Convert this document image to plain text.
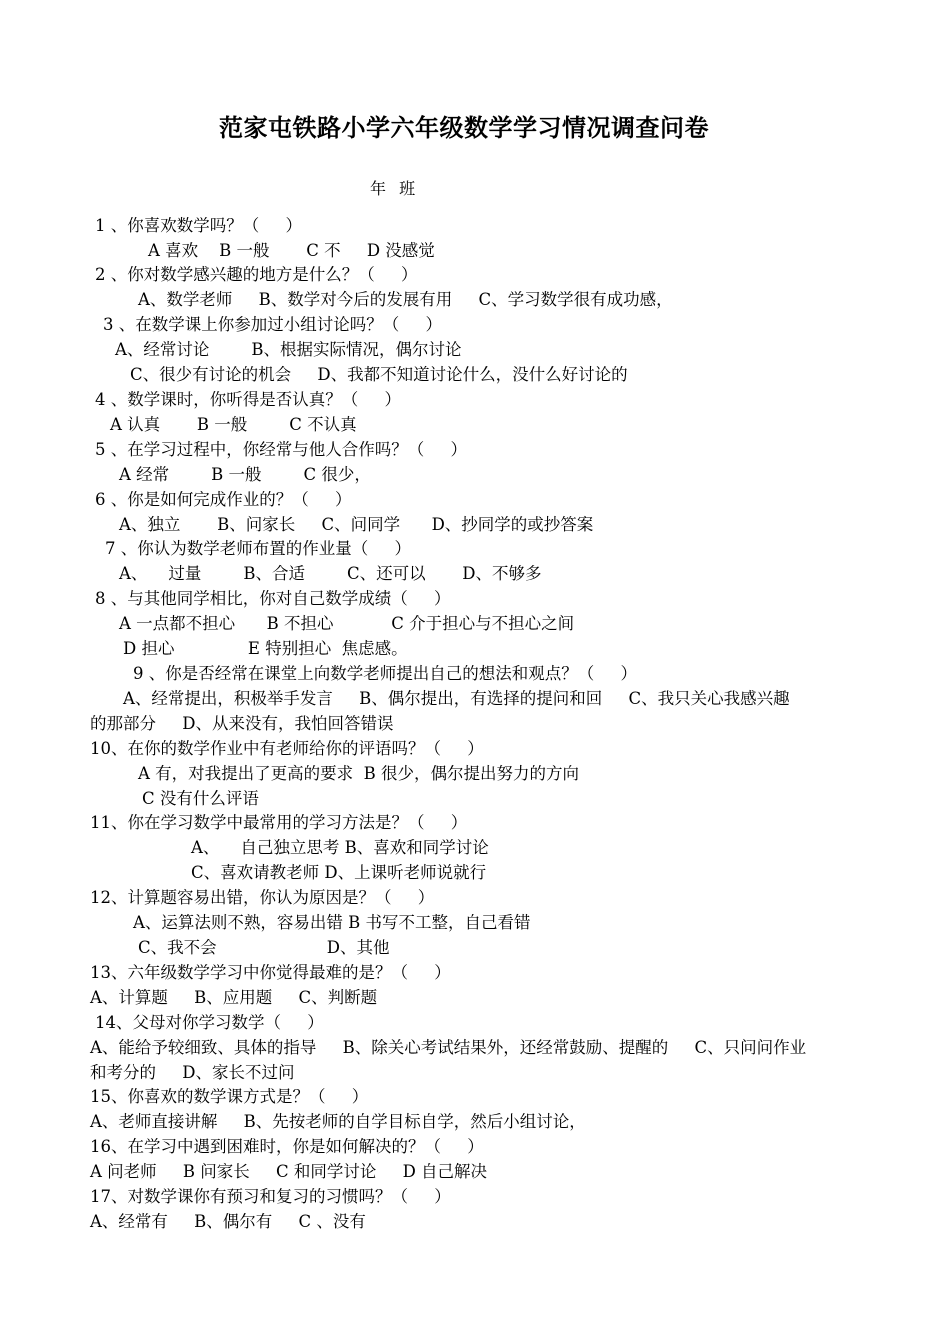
范家屯铁路小学六年级数学学习情况调查问卷
年 班
1 、你喜欢数学吗？（     ）
A 喜欢    B 一般       C 不     D 没感觉
2 、你对数学感兴趣的地方是什么？（     ）
A、数学老师     B、数学对今后的发展有用     C、学习数学很有成功感，
3 、在数学课上你参加过小组讨论吗？（     ）
A、经常讨论        B、根据实际情况，偶尔讨论
C、很少有讨论的机会     D、我都不知道讨论什么，没什么好讨论的
4 、数学课时，你听得是否认真？（     ）
A 认真       B 一般        C 不认真
5 、在学习过程中，你经常与他人合作吗？（     ）
A 经常        B 一般        C 很少，
6 、你是如何完成作业的？（     ）
A、独立       B、问家长     C、问同学      D、抄同学的或抄答案
7 、你认为数学老师布置的作业量（     ）
A、    过量        B、合适        C、还可以       D、不够多
8 、与其他同学相比，你对自己数学成绩（     ）
A 一点都不担心      B 不担心           C 介于担心与不担心之间
D 担心              E 特别担心  焦虑感。
9 、你是否经常在课堂上向数学老师提出自己的想法和观点？（     ）
A、经常提出，积极举手发言     B、偶尔提出，有选择的提问和回     C、我只关心我感兴趣
的那部分     D、从来没有，我怕回答错误
10、在你的数学作业中有老师给你的评语吗？（     ）
A 有，对我提出了更高的要求  B 很少，偶尔提出努力的方向
C 没有什么评语
11、你在学习数学中最常用的学习方法是？（     ）
A、    自己独立思考 B、喜欢和同学讨论
C、喜欢请教老师 D、上课听老师说就行
12、计算题容易出错，你认为原因是？（     ）
A、运算法则不熟，容易出错 B 书写不工整，自己看错
C、我不会                     D、其他
13、六年级数学学习中你觉得最难的是？（     ）
A、计算题     B、应用题     C、判断题
14、父母对你学习数学（     ）
A、能给予较细致、具体的指导     B、除关心考试结果外，还经常鼓励、提醒的     C、只问问作业
和考分的     D、家长不过问
15、你喜欢的数学课方式是？（     ）
A、老师直接讲解     B、先按老师的自学目标自学，然后小组讨论，
16、在学习中遇到困难时，你是如何解决的？（     ）
A 问老师     B 问家长     C 和同学讨论     D 自己解决
17、对数学课你有预习和复习的习惯吗？（     ）
A、经常有     B、偶尔有     C 、没有
